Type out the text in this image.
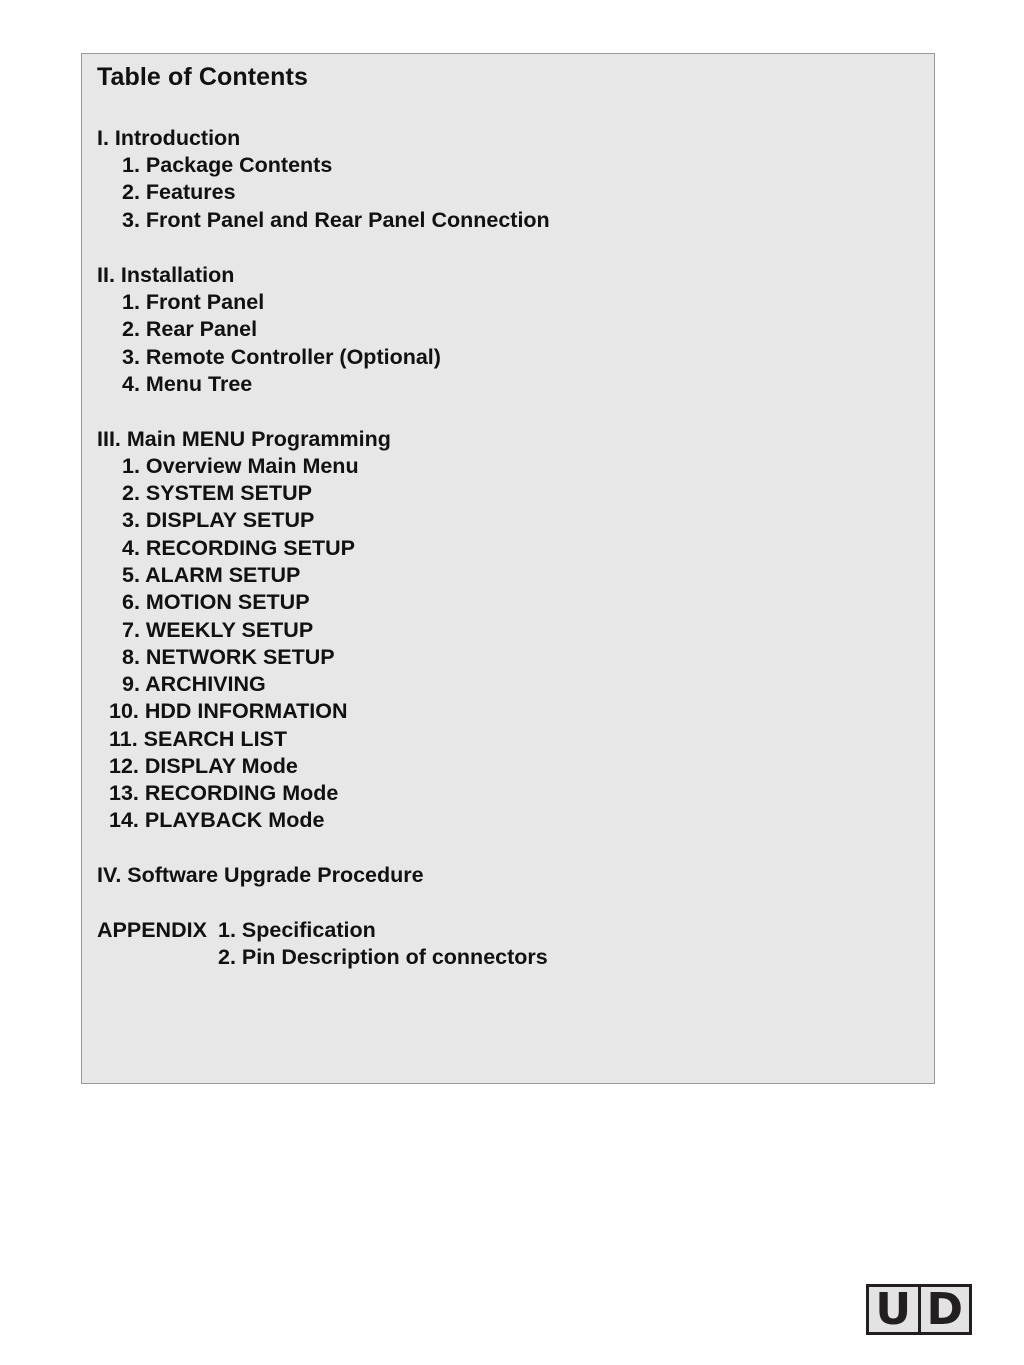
Table of Contents
I. Introduction
1. Package Contents
2. Features
3. Front Panel and Rear Panel Connection
II. Installation
1. Front Panel
2. Rear Panel
3. Remote Controller (Optional)
4. Menu Tree
III. Main MENU Programming
1. Overview Main Menu
2. SYSTEM SETUP
3. DISPLAY SETUP
4. RECORDING SETUP
5. ALARM SETUP
6. MOTION SETUP
7. WEEKLY SETUP
8. NETWORK SETUP
9. ARCHIVING
10. HDD INFORMATION
11. SEARCH LIST
12. DISPLAY Mode
13. RECORDING Mode
14. PLAYBACK Mode
IV. Software Upgrade Procedure
APPENDIX 1. Specification
2. Pin Description of connectors
U D
